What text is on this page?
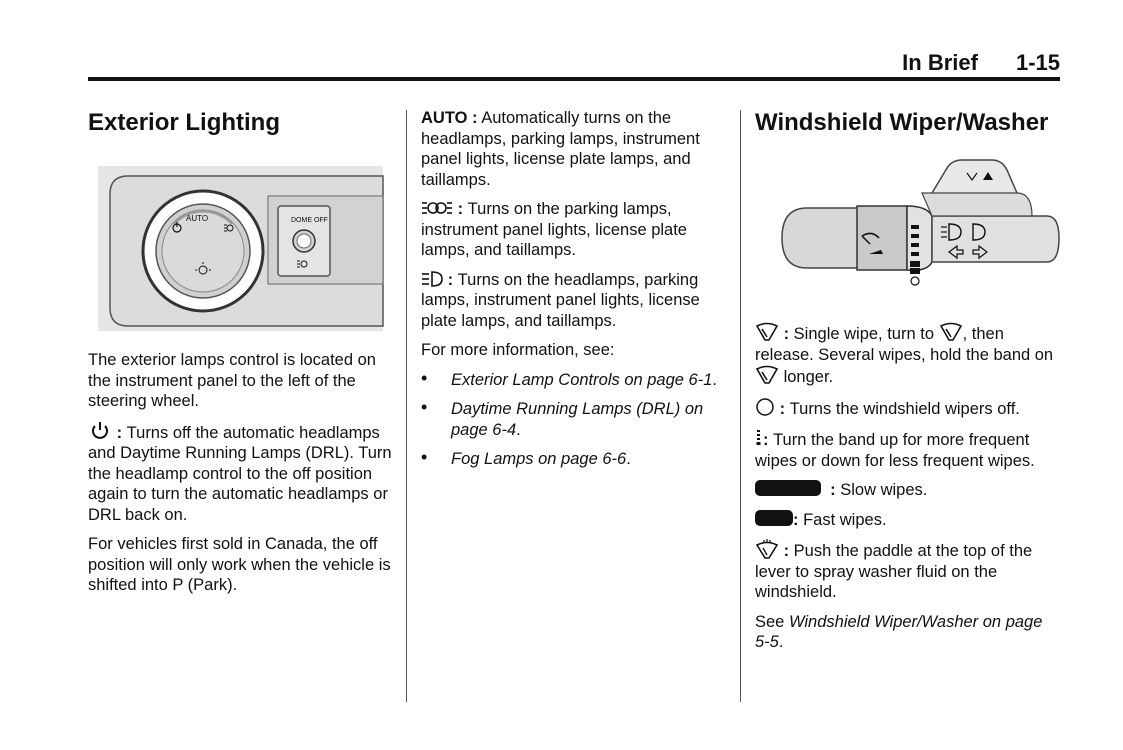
In Brief 1-15
Exterior Lighting
AUTO	DOME OFF

The exterior lamps control is located on the instrument panel to the left of the steering wheel.

: Turns off the automatic headlamps and Daytime Running Lamps (DRL). Turn the headlamp control to the off position again to turn the automatic headlamps or DRL back on.

For vehicles first sold in Canada, the off position will only work when the vehicle is shifted into P (Park).

AUTO : Automatically turns on the headlamps, parking lamps, instrument panel lights, license plate lamps, and taillamps.

: Turns on the parking lamps, instrument panel lights, license plate lamps, and taillamps.

: Turns on the headlamps, parking lamps, instrument panel lights, license plate lamps, and taillamps.

For more information, see:

• Exterior Lamp Controls on page 6-1.
• Daytime Running Lamps (DRL) on page 6-4.
• Fog Lamps on page 6-6.
Windshield Wiper/Washer

: Single wipe, turn to , then release. Several wipes, hold the band on  longer.

: Turns the windshield wipers off.

: Turn the band up for more frequent wipes or down for less frequent wipes.

: Slow wipes.

: Fast wipes.

: Push the paddle at the top of the lever to spray washer fluid on the windshield.

See Windshield Wiper/Washer on page 5-5.
